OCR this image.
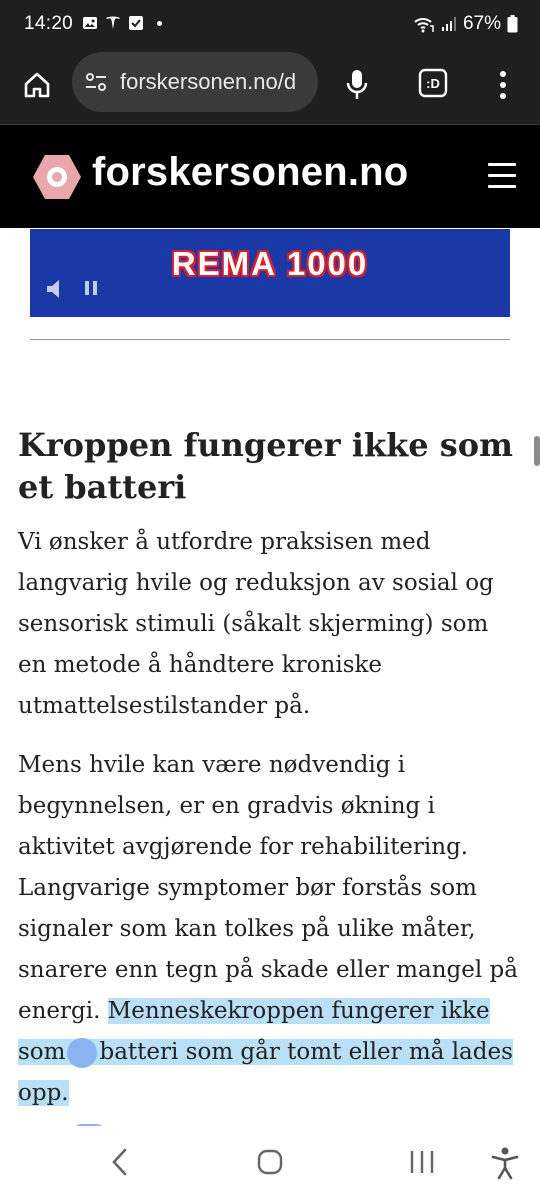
14:20	67%
forskersonen.no/d	:D
forskersonen.no
REMA 1000
Kroppen fungerer ikke som et batteri

Vi ønsker å utfordre praksisen med langvarig hvile og reduksjon av sosial og sensorisk stimuli (såkalt skjerming) som en metode å håndtere kroniske utmattelsestilstander på.

Mens hvile kan være nødvendig i begynnelsen, er en gradvis økning i aktivitet avgjørende for rehabilitering. Langvarige symptomer bør forstås som signaler som kan tolkes på ulike måter, snarere enn tegn på skade eller mangel på energi. Menneskekroppen fungerer ikke som batteri som går tomt eller må lades opp.
